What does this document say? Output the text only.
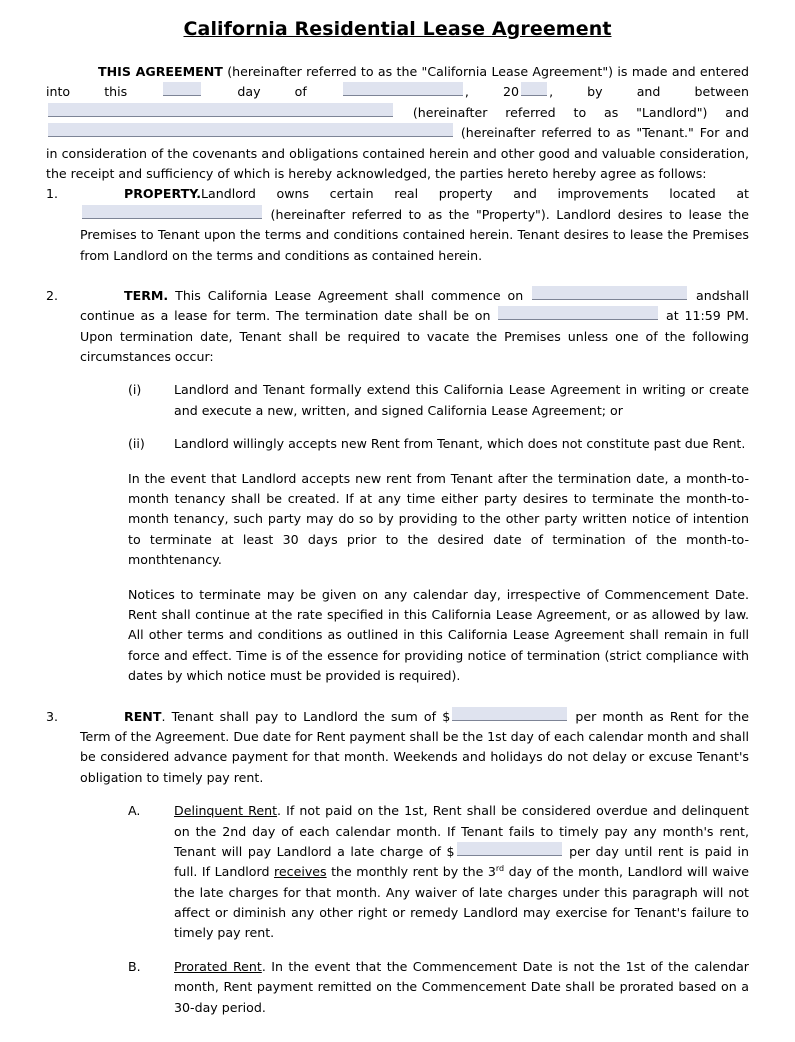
California Residential Lease Agreement

THIS AGREEMENT (hereinafter referred to as the "California Lease Agreement") is made and entered into this	day of	, 20 , by and between  (hereinafter referred to as "Landlord") and  (hereinafter referred to as "Tenant." For and in consideration of the covenants and obligations contained herein and other good and valuable consideration, the receipt and sufficiency of which is hereby acknowledged, the parties hereto hereby agree as follows:

1.	PROPERTY.Landlord owns certain real property and improvements located at  (hereinafter referred to as the "Property"). Landlord desires to lease the Premises to Tenant upon the terms and conditions contained herein. Tenant desires to lease the Premises from Landlord on the terms and conditions as contained herein.

2.	TERM. This California Lease Agreement shall commence on	andshall continue as a lease for term. The termination date shall be on	at 11:59 PM. Upon termination date, Tenant shall be required to vacate the Premises unless one of the following circumstances occur:

(i)	Landlord and Tenant formally extend this California Lease Agreement in writing or create and execute a new, written, and signed California Lease Agreement; or

(ii)	Landlord willingly accepts new Rent from Tenant, which does not constitute past due Rent.

In the event that Landlord accepts new rent from Tenant after the termination date, a month-to-month tenancy shall be created. If at any time either party desires to terminate the month-to-month tenancy, such party may do so by providing to the other party written notice of intention to terminate at least 30 days prior to the desired date of termination of the month-to-monthtenancy.

Notices to terminate may be given on any calendar day, irrespective of Commencement Date. Rent shall continue at the rate specified in this California Lease Agreement, or as allowed by law. All other terms and conditions as outlined in this California Lease Agreement shall remain in full force and effect. Time is of the essence for providing notice of termination (strict compliance with dates by which notice must be provided is required).

3.	RENT. Tenant shall pay to Landlord the sum of $	per month as Rent for the Term of the Agreement. Due date for Rent payment shall be the 1st day of each calendar month and shall be considered advance payment for that month. Weekends and holidays do not delay or excuse Tenant's obligation to timely pay rent.

A.	Delinquent Rent. If not paid on the 1st, Rent shall be considered overdue and delinquent on the 2nd day of each calendar month. If Tenant fails to timely pay any month's rent, Tenant will pay Landlord a late charge of $	per day until rent is paid in full. If Landlord receives the monthly rent by the 3rd day of the month, Landlord will waive the late charges for that month. Any waiver of late charges under this paragraph will not affect or diminish any other right or remedy Landlord may exercise for Tenant's failure to timely pay rent.

B.	Prorated Rent. In the event that the Commencement Date is not the 1st of the calendar month, Rent payment remitted on the Commencement Date shall be prorated based on a 30-day period.
